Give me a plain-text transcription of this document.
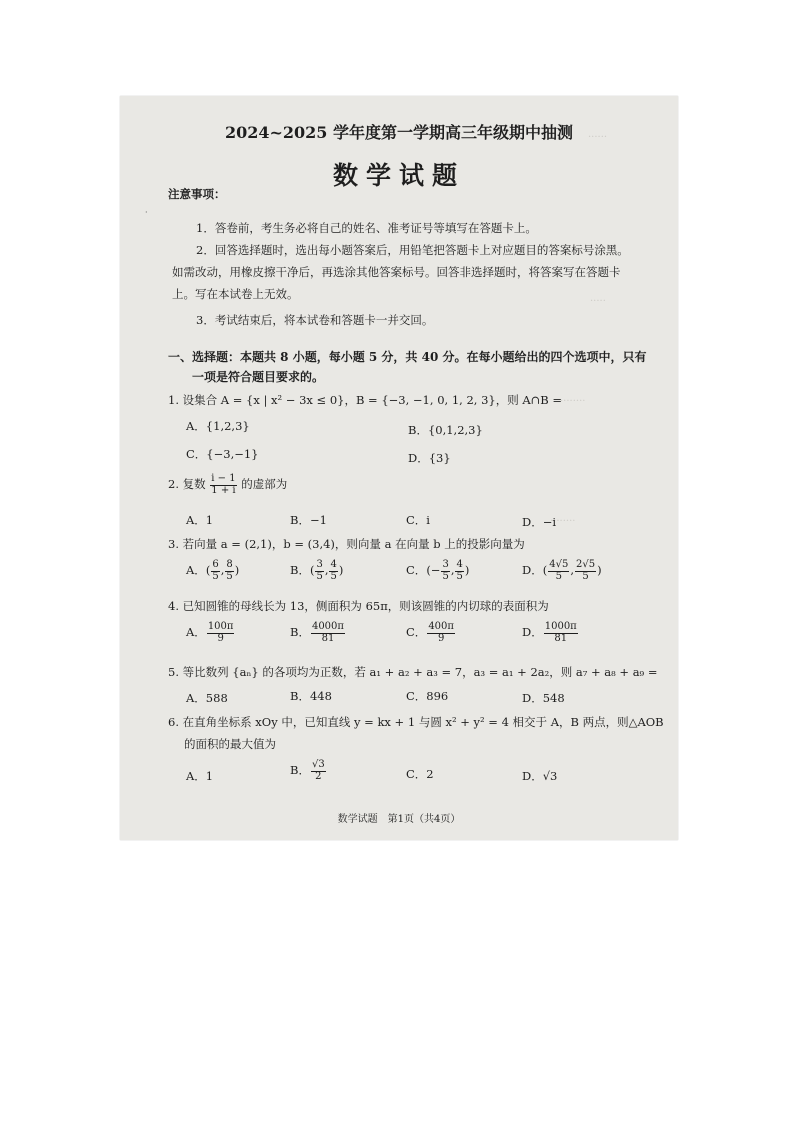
······
·····
········
········
·
2024~2025 学年度第一学期高三年级期中抽测
数学试题
注意事项：
1．答卷前，考生务必将自己的姓名、准考证号等填写在答题卡上。
2．回答选择题时，选出每小题答案后，用铅笔把答题卡上对应题目的答案标号涂黑。
如需改动，用橡皮擦干净后，再选涂其他答案标号。回答非选择题时，将答案写在答题卡
上。写在本试卷上无效。
3．考试结束后，将本试卷和答题卡一并交回。
一、选择题：本题共 8 小题，每小题 5 分，共 40 分。在每小题给出的四个选项中，只有
一项是符合题目要求的。
1. 设集合 A = {x | x² − 3x ≤ 0}，B = {−3, −1, 0, 1, 2, 3}，则 A∩B =
A．{1,2,3}	B．{0,1,2,3}
C．{−3,−1}	D．{3}
2. 复数 $\frac{i - 1}{1 + i}$ 的虚部为
A．1	B．−1	C．i	D．−i
3. 若向量 a = (2,1)，b = (3,4)，则向量 a 在向量 b 上的投影向量为
A．( $\frac{6}{5}$ , $\frac{8}{5}$ )	B．( $\frac{3}{5}$ , $\frac{4}{5}$ )	C．(− $\frac{3}{5}$ , $\frac{4}{5}$ )	D．( $\frac{4√5}{5}$ , $\frac{2√5}{5}$ )
4. 已知圆锥的母线长为 13，侧面积为 65π，则该圆锥的内切球的表面积为
A． $\frac{100\pi}{9}$	B． $\frac{4000\pi}{81}$	C． $\frac{400\pi}{9}$	D． $\frac{1000\pi}{81}$
5. 等比数列 {aₙ} 的各项均为正数，若 a₁ + a₂ + a₃ = 7，a₃ = a₁ + 2a₂，则 a₇ + a₈ + a₉ =
A．588	B．448	C．896	D．548
6. 在直角坐标系 xOy 中，已知直线 y = kx + 1 与圆 x² + y² = 4 相交于 A，B 两点，则△AOB
的面积的最大值为
A．1	B． $\frac{√3}{2}$	C．2	D．√3
数学试题　第1页（共4页）
